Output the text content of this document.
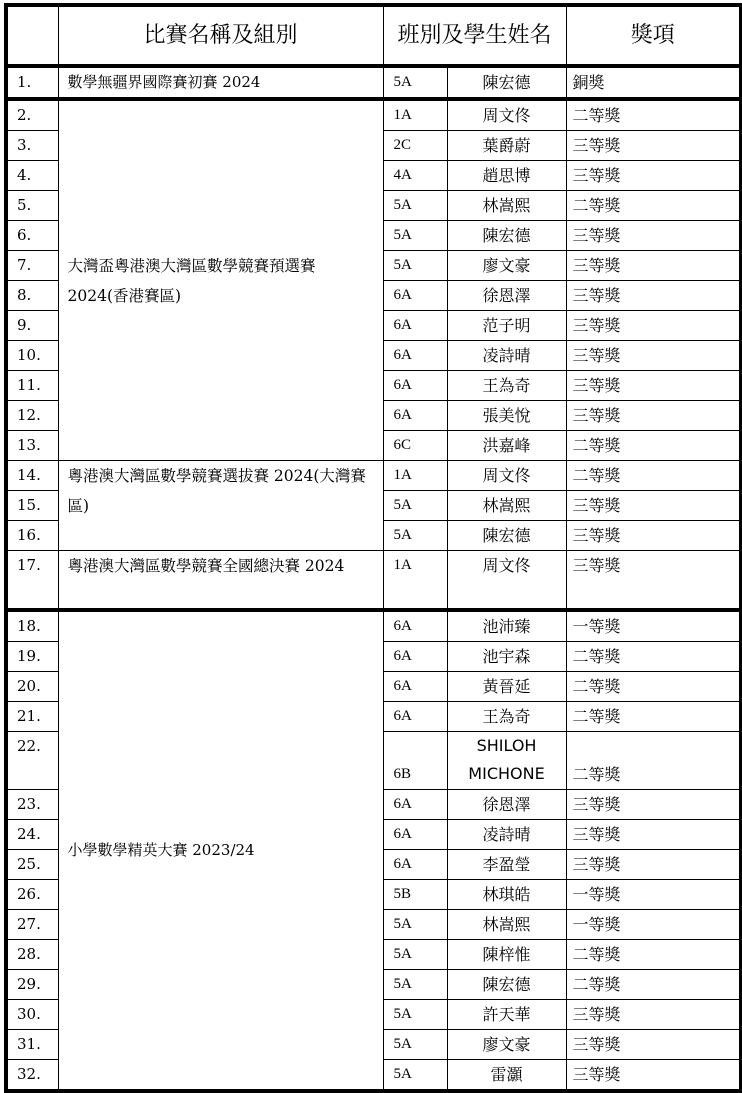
	比賽名稱及組別	班別及學生姓名		獎項
1.	數學無疆界國際賽初賽 2024	5A	陳宏德	銅獎
2.	大灣盃粵港澳大灣區數學競賽預選賽 2024(香港賽區)	1A	周文佟	二等獎
3.		2C	葉爵蔚	三等獎
4.		4A	趙思博	三等獎
5.		5A	林嵩熙	二等獎
6.		5A	陳宏德	三等獎
7.		5A	廖文豪	三等獎
8.		6A	徐恩澤	三等獎
9.		6A	范子明	三等獎
10.		6A	凌詩晴	三等獎
11.		6A	王為奇	三等獎
12.		6A	張美悅	三等獎
13.		6C	洪嘉峰	二等獎
14.	粵港澳大灣區數學競賽選拔賽 2024(大灣賽區)	1A	周文佟	二等獎
15.		5A	林嵩熙	三等獎
16.		5A	陳宏德	三等獎
17.	粵港澳大灣區數學競賽全國總決賽 2024	1A	周文佟	三等獎
18.	小學數學精英大賽 2023/24	6A	池沛臻	一等獎
19.		6A	池宇森	二等獎
20.		6A	黃晉延	二等獎
21.		6A	王為奇	二等獎
22.		6B	SHILOH MICHONE	二等獎
23.		6A	徐恩澤	三等獎
24.		6A	凌詩晴	三等獎
25.		6A	李盈瑩	三等獎
26.		5B	林琪皓	一等獎
27.		5A	林嵩熙	一等獎
28.		5A	陳梓惟	二等獎
29.		5A	陳宏德	二等獎
30.		5A	許天華	三等獎
31.		5A	廖文豪	三等獎
32.		5A	雷灝	三等獎
